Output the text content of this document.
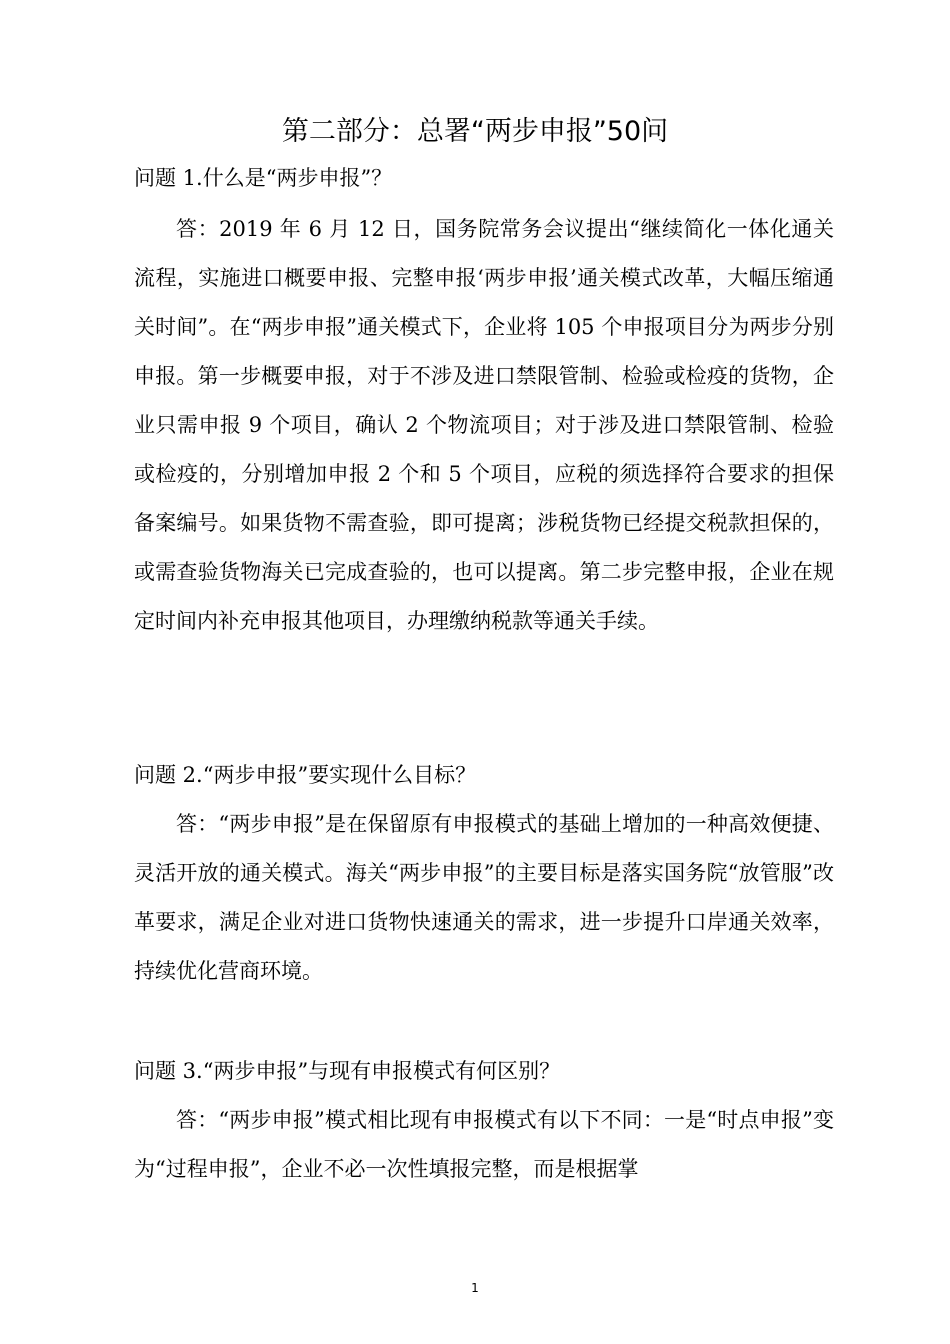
第二部分：总署“两步申报”50问
问题 1.什么是“两步申报”？
答：2019 年 6 月 12 日，国务院常务会议提出“继续简化一体化通关流程，实施进口概要申报、完整申报‘两步申报’通关模式改革，大幅压缩通关时间”。在“两步申报”通关模式下，企业将 105 个申报项目分为两步分别申报。第一步概要申报，对于不涉及进口禁限管制、检验或检疫的货物，企业只需申报 9 个项目，确认 2 个物流项目；对于涉及进口禁限管制、检验或检疫的，分别增加申报 2 个和 5 个项目，应税的须选择符合要求的担保备案编号。如果货物不需查验，即可提离；涉税货物已经提交税款担保的，或需查验货物海关已完成查验的，也可以提离。第二步完整申报，企业在规定时间内补充申报其他项目，办理缴纳税款等通关手续。
问题 2.“两步申报”要实现什么目标？
答：“两步申报”是在保留原有申报模式的基础上增加的一种高效便捷、灵活开放的通关模式。海关“两步申报”的主要目标是落实国务院“放管服”改革要求，满足企业对进口货物快速通关的需求，进一步提升口岸通关效率，持续优化营商环境。
问题 3.“两步申报”与现有申报模式有何区别？
答：“两步申报”模式相比现有申报模式有以下不同：一是“时点申报”变为“过程申报”，企业不必一次性填报完整，而是根据掌
1
